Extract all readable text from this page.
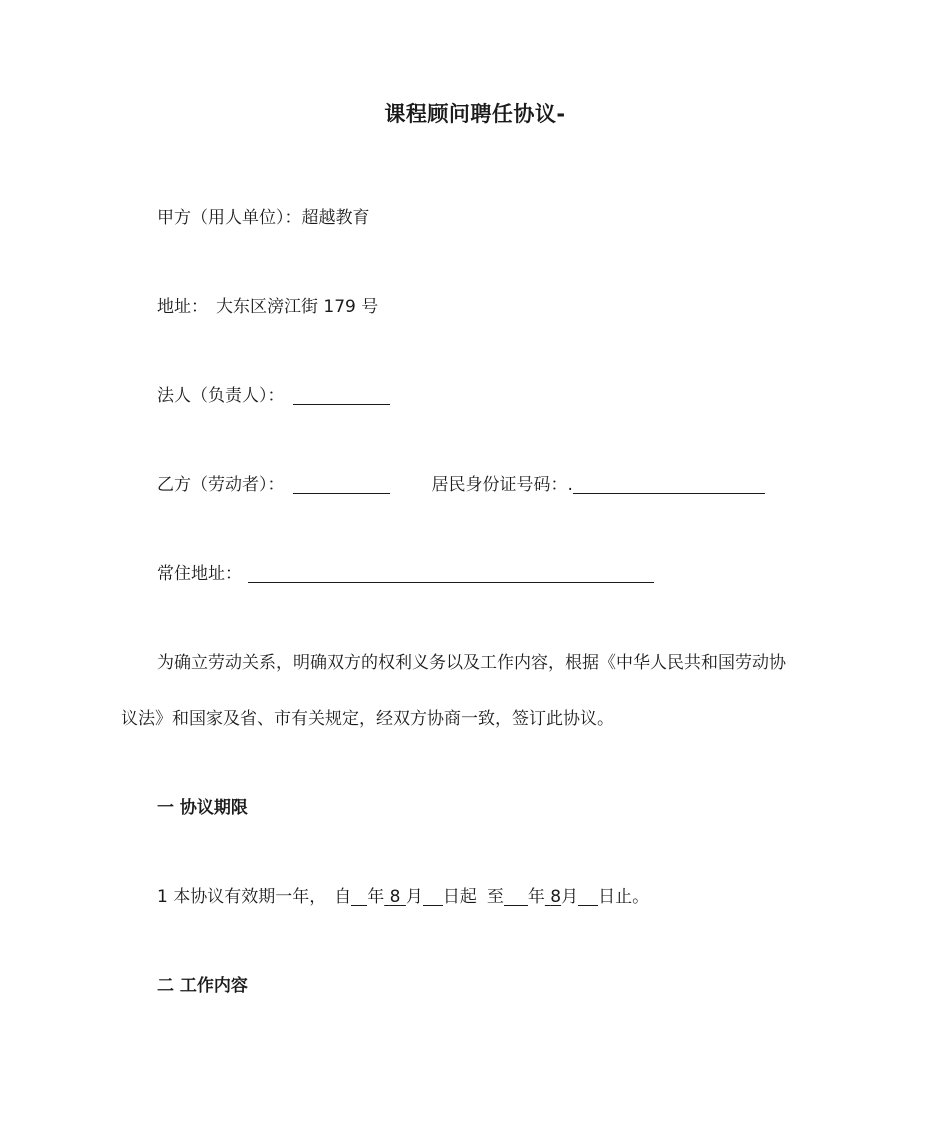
课程顾问聘任协议-
甲方（用人单位）：超越教育
地址： 大东区滂江街 179 号
法人（负责人）：
乙方（劳动者）：	居民身份证号码：.
常住地址：
为确立劳动关系，明确双方的权利义务以及工作内容，根据《中华人民共和国劳动协
议法》和国家及省、市有关规定，经双方协商一致，签订此协议。
一 协议期限
1 本协议有效期一年， 自 年 8 月 日起 至 年 8月 日止。
二 工作内容
